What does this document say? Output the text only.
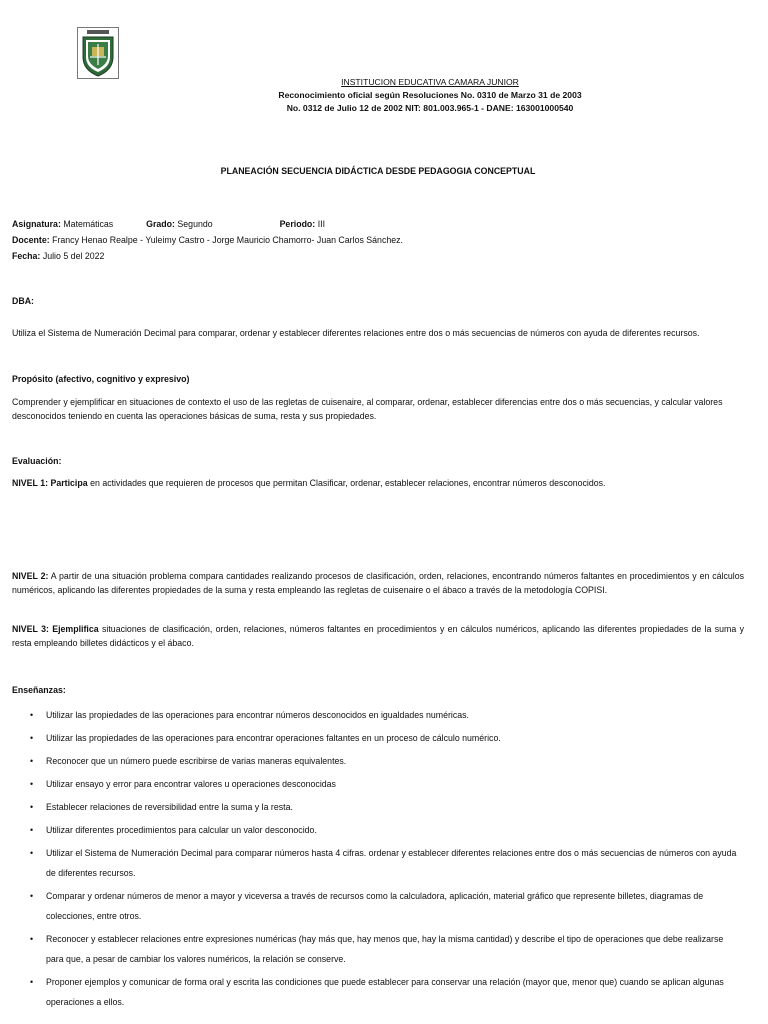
INSTITUCION EDUCATIVA CAMARA JUNIOR
Reconocimiento oficial según Resoluciones No. 0310 de Marzo 31 de 2003
No. 0312 de Julio 12 de 2002 NIT: 801.003.965-1 - DANE: 163001000540
PLANEACIÓN SECUENCIA DIDÁCTICA DESDE PEDAGOGIA CONCEPTUAL
Asignatura: Matemáticas	Grado: Segundo	Periodo: III
Docente: Francy Henao Realpe - Yuleimy Castro - Jorge Mauricio Chamorro- Juan Carlos Sánchez.
Fecha: Julio 5 del 2022
DBA:
Utiliza el Sistema de Numeración Decimal para comparar, ordenar y establecer diferentes relaciones entre dos o más secuencias de números con ayuda de diferentes recursos.
Propósito (afectivo, cognitivo y expresivo)
Comprender y ejemplificar en situaciones de contexto el uso de las regletas de cuisenaire, al comparar, ordenar, establecer diferencias entre dos o más secuencias, y calcular valores desconocidos teniendo en cuenta las operaciones básicas de suma, resta y sus propiedades.
Evaluación:
NIVEL 1: Participa en actividades que requieren de procesos que permitan Clasificar, ordenar, establecer relaciones, encontrar números desconocidos.
NIVEL 2: A partir de una situación problema compara cantidades realizando procesos de clasificación, orden, relaciones, encontrando números faltantes en procedimientos y en cálculos numéricos, aplicando las diferentes propiedades de la suma y resta empleando las regletas de cuisenaire o el ábaco a través de la metodología COPISI.
NIVEL 3: Ejemplifica situaciones de clasificación, orden, relaciones, números faltantes en procedimientos y en cálculos numéricos, aplicando las diferentes propiedades de la suma y resta empleando billetes didácticos y el ábaco.
Enseñanzas:
• Utilizar las propiedades de las operaciones para encontrar números desconocidos en igualdades numéricas.
• Utilizar las propiedades de las operaciones para encontrar operaciones faltantes en un proceso de cálculo numérico.
• Reconocer que un número puede escribirse de varias maneras equivalentes.
• Utilizar ensayo y error para encontrar valores u operaciones desconocidas
• Establecer relaciones de reversibilidad entre la suma y la resta.
• Utilizar diferentes procedimientos para calcular un valor desconocido.
• Utilizar el Sistema de Numeración Decimal para comparar números hasta 4 cifras. ordenar y establecer diferentes relaciones entre dos o más secuencias de números con ayuda de diferentes recursos.
• Comparar y ordenar números de menor a mayor y viceversa a través de recursos como la calculadora, aplicación, material gráfico que represente billetes, diagramas de colecciones, entre otros.
• Reconocer y establecer relaciones entre expresiones numéricas (hay más que, hay menos que, hay la misma cantidad) y describe el tipo de operaciones que debe realizarse para que, a pesar de cambiar los valores numéricos, la relación se conserve.
• Proponer ejemplos y comunicar de forma oral y escrita las condiciones que puede establecer para conservar una relación (mayor que, menor que) cuando se aplican algunas operaciones a ellos.
